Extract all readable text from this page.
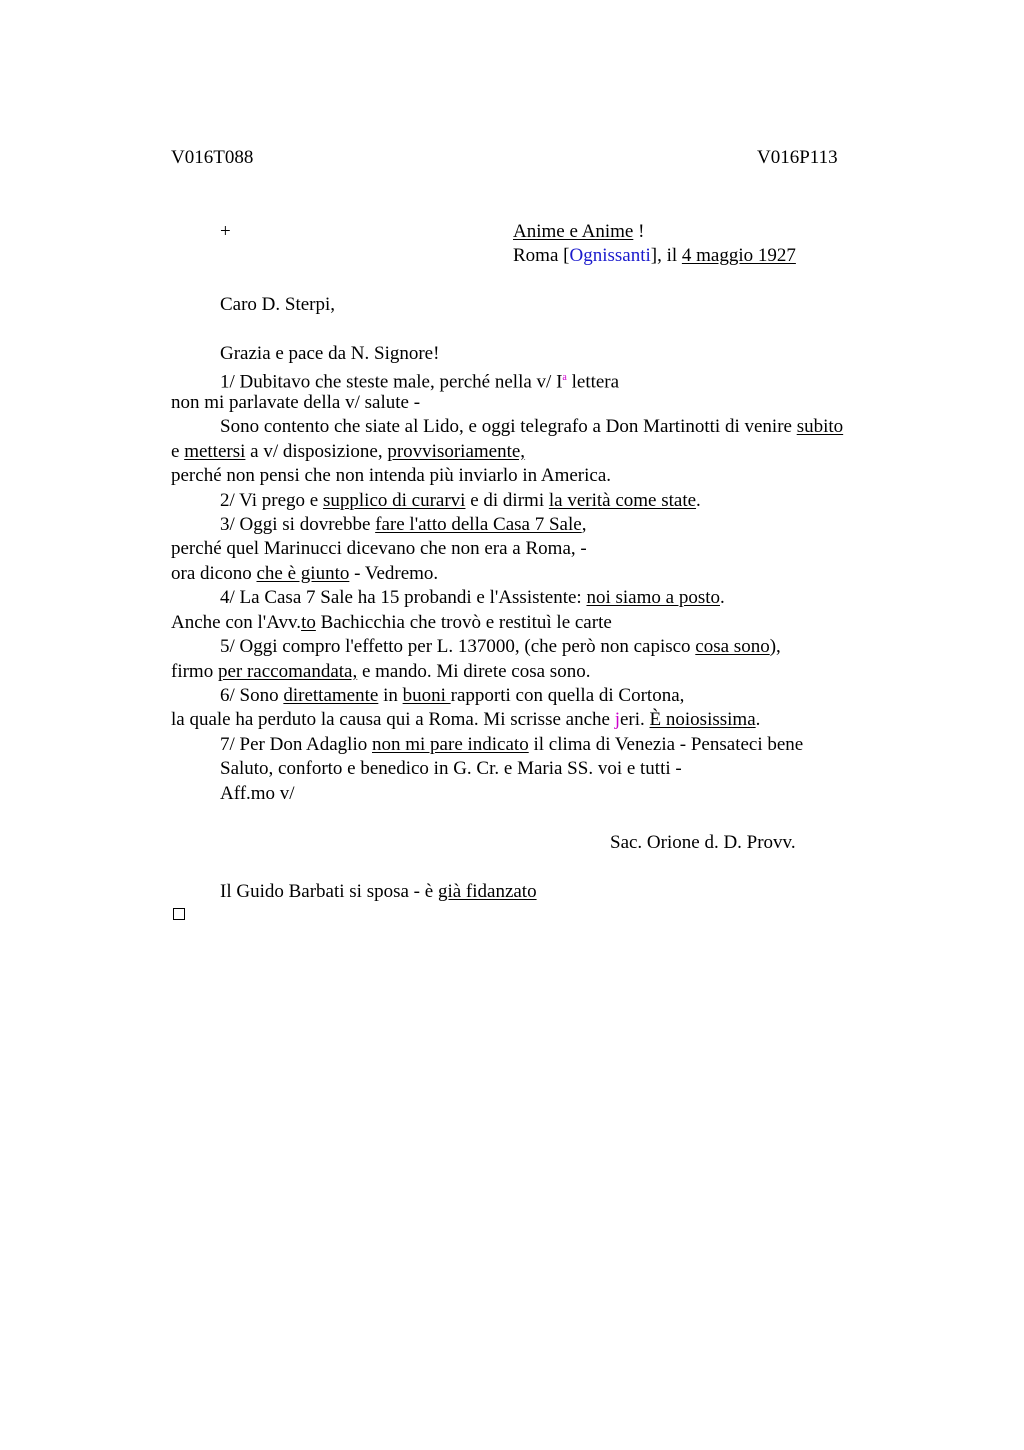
V016T088	V016P113
+	Anime e Anime !
Roma [Ognissanti], il 4 maggio 1927
Caro D. Sterpi,
Grazia e pace da N. Signore!
1/ Dubitavo che steste male, perché nella v/ $I^a$ lettera
non mi parlavate della v/ salute -
Sono contento che siate al Lido, e oggi telegrafo a Don Martinotti di venire subito
e mettersi a v/ disposizione, provvisoriamente,
perché non pensi che non intenda più inviarlo in America.
2/ Vi prego e supplico di curarvi e di dirmi la verità come state.
3/ Oggi si dovrebbe fare l'atto della Casa 7 Sale,
perché quel Marinucci dicevano che non era a Roma, -
ora dicono che è giunto - Vedremo.
4/ La Casa 7 Sale ha 15 probandi e l'Assistente: noi siamo a posto.
Anche con l'Avv.to Bachicchia che trovò e restituì le carte
5/ Oggi compro l'effetto per L. 137000, (che però non capisco cosa sono),
firmo per raccomandata, e mando. Mi direte cosa sono.
6/ Sono direttamente in buoni rapporti con quella di Cortona,
la quale ha perduto la causa qui a Roma. Mi scrisse anche jeri. È noiosissima.
7/ Per Don Adaglio non mi pare indicato il clima di Venezia - Pensateci bene
Saluto, conforto e benedico in G. Cr. e Maria SS. voi e tutti -
Aff.mo v/
Sac. Orione d. D. Provv.
Il Guido Barbati si sposa - è già fidanzato
